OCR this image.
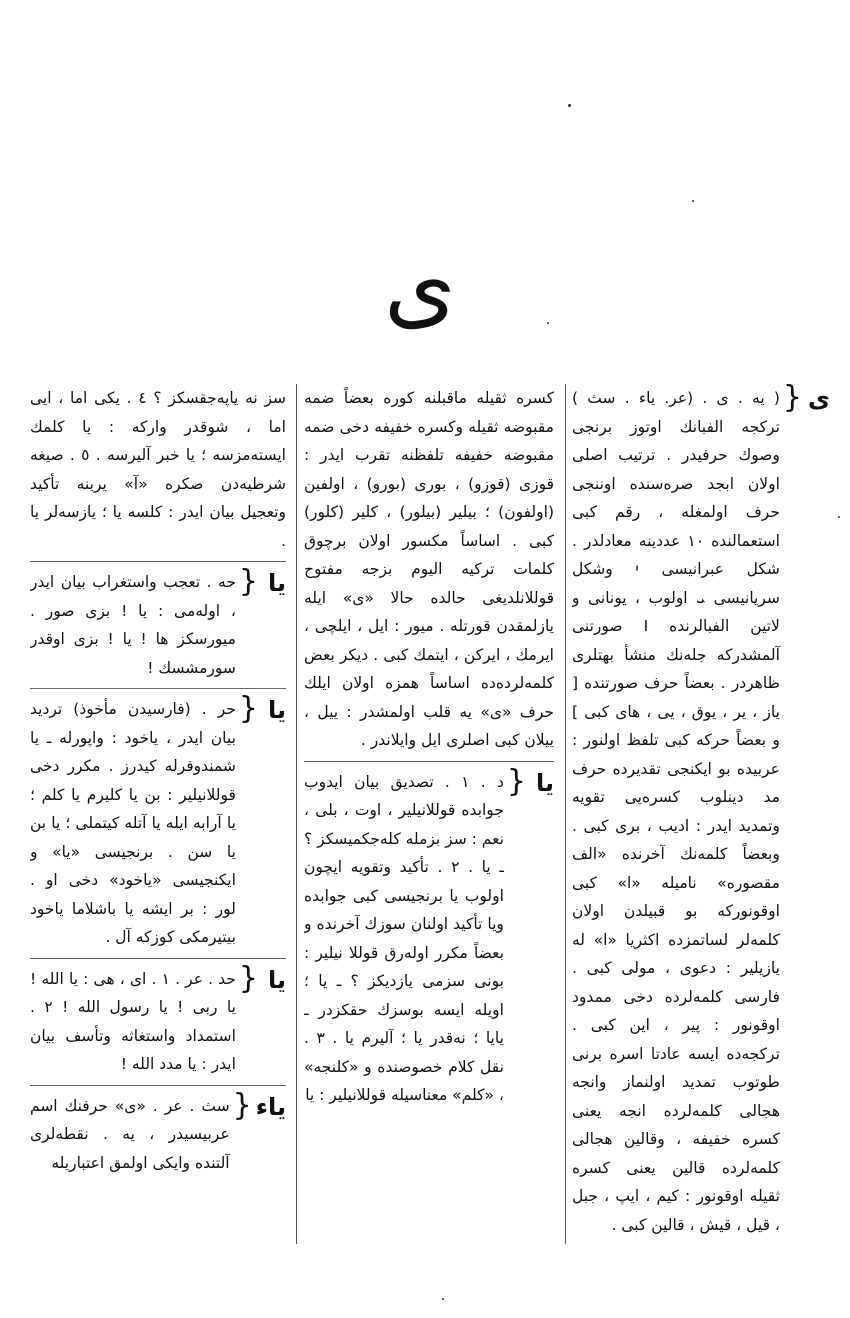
ی
ی
{
( یه . ی . (عر. یاء . سث ) ترکجه الفبانك اوتوز برنجی وصوك حرفیدر . ترتیب اصلی اولان ابجد صره‌سنده اوننجی حرف اولمغله ، رقم کبی استعمالنده ۱۰ عددینه معادلدر . شکل عبرانیسی י وشکل سریانیسی ܝ اولوب ، یونانی و لاتین الفبالرنده I صورتنی آلمشدرکه جله‌نك منشأ بهتلری ظاهردر . بعضاً حرف صورتنده [ یاز ، یر ، یوق ، یی ، های کبی ] و بعضاً حرکه کبی تلفظ اولنور : عربیده بو ایکنجی تقدیرده حرف مد دینلوب کسره‌یی تقویه وتمدید ایدر : ادیب ، بری کبی . وبعضاً کلمه‌نك آخرنده «الف مقصوره» نامیله «ا» کبی اوقونورکه بو قبیلدن اولان کلمه‌لر لساتمزده اکثریا «ا» له یازیلیر : دعوی ، مولی کبی . فارسی کلمه‌لرده دخی ممدود اوقونور : پیر ، این کبی . ترکجه‌ده ایسه عادتا اسره برنی طوتوب تمدید اولنماز وانجه هجالی کلمه‌لرده انجه یعنی کسره خفیفه ، وقالین هجالی کلمه‌لرده قالین یعنی کسره ثقیله اوقونور : کیم ، ایپ ، جبل ، قیل ، قیش ، قالین کبی .
کسره ثقیله ماقبلنه کوره بعضاً ضمه مقبوضه ثقیله وکسره خفیفه دخی ضمه مقبوضه خفیفه تلفظنه تقرب ایدر : قوزی (قوزو) ، بوری (بورو) ، اولفین (اولفون) ؛ بیلیر (بیلور) ، کلیر (کلور) کبی . اساساً مکسور اولان برچوق کلمات ترکیه الیوم بزجه مفتوح قوللانلدیغی حالده حالا «ی» ایله یازلمقدن قورتله . میور : ایل ، ایلچی ، ایرمك ، ایرکن ، ایتمك کبی . دیکر بعض کلمه‌لرده‌ده اساساً همزه اولان ایلك حرف «ی» یه قلب اولمشدر : ییل ، ییلان کبی اصلری ایل وایلاندر .
یا
{
د . ۱ . تصدیق بیان ایدوب جوابده قوللانیلیر ، اوت ، بلی ، نعم : سز بزمله کله‌جکمیسکز ؟ ـ یا . ۲ . تأکید وتقویه ایچون اولوب یا برنجیسی کبی جوابده ویا تأکید اولنان سوزك آخرنده و بعضاً مکرر اوله‌رق قوللا نیلیر : بونی سزمی یازدیکز ؟ ـ یا ؛ اویله ایسه بوسزك حقکزدر ـ یایا ؛ نه‌قدر یا ؛ آلیرم یا . ۳ . نقل کلام خصوصنده و «کلنجه» ، «کلم» معناسیله قوللانیلیر : یا
سز نه یاپه‌جقسکز ؟ ٤ . یکی اما ، ایی اما ، شوقدر وارکه : یا کلمك ایسته‌مزسه ؛ یا خبر آلیرسه . ٥ . صیغه شرطیه‌دن صکره «آ» یرینه تأکید وتعجیل بیان ایدر : کلسه یا ؛ یازسه‌لر یا .
یا
{
حه . تعجب واستغراب بیان ایدر ، اوله‌می : یا ! بزی صور . میورسکز ها ! یا ! بزی اوقدر سورمشسك !
یا
{
حر . (فارسیدن مأخوذ) تردید بیان ایدر ، یاخود : واپورله ـ یا شمندوفرله کیدرز . مکرر دخی قوللانیلیر : بن یا کلیرم یا کلم ؛ یا آرابه ایله یا آتله کیتملی ؛ یا بن یا سن . برنجیسی «یا» و ایکنجیسی «یاخود» دخی او . لور : بر ایشه یا باشلاما یاخود بیتیرمکی کوزکه آل .
یا
{
حد . عر . ۱ . ای ، هی : یا الله ! یا ربی ! یا رسول الله ! ۲ . استمداد واستغاثه وتأسف بیان ایدر : یا مدد الله !
یاء
{
سث . عر . «ی» حرفنك اسم عربیسیدر ، یه . نقطه‌لری آلتنده وایکی اولمق اعتباریله
